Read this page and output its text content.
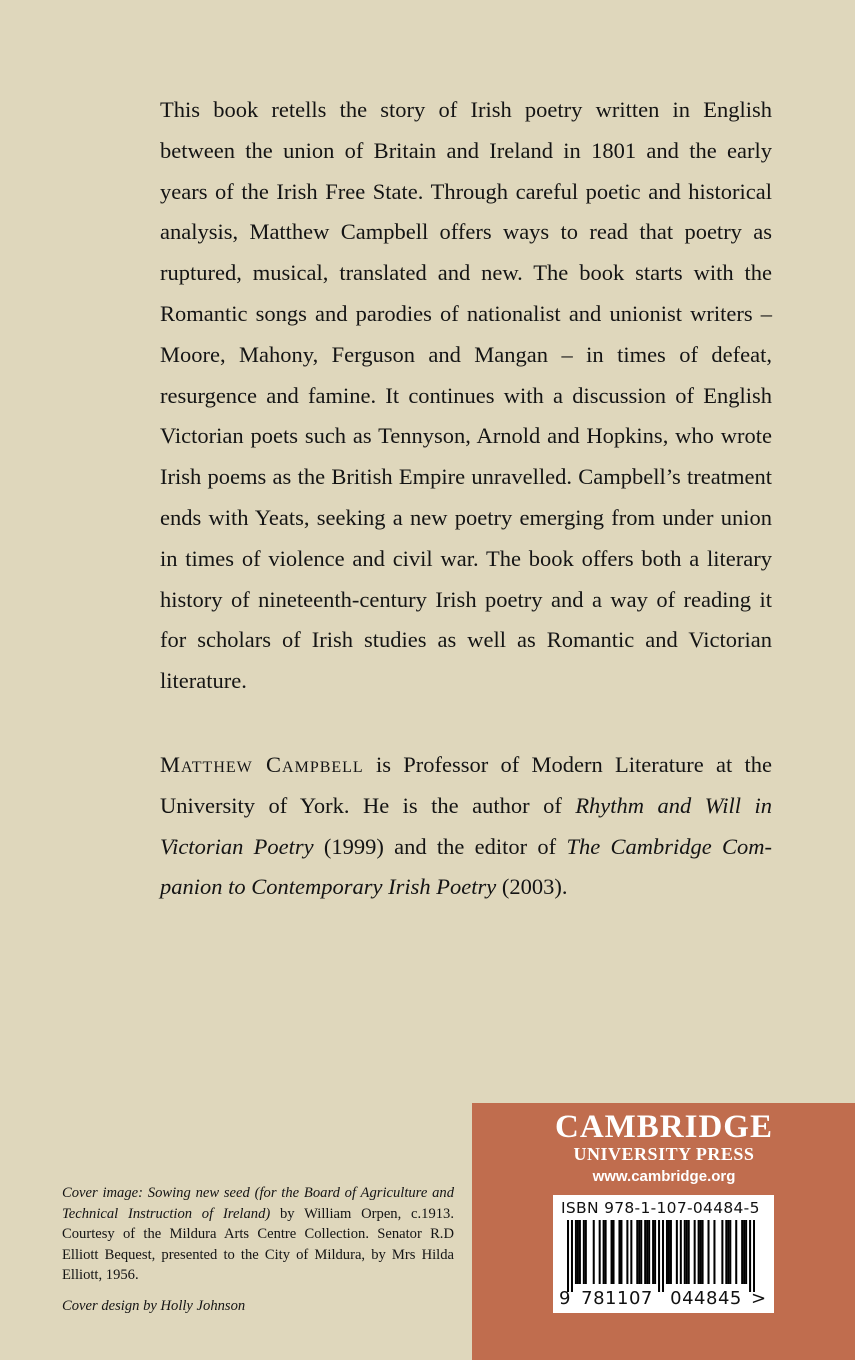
This book retells the story of Irish poetry written in English between the union of Britain and Ireland in 1801 and the early years of the Irish Free State. Through careful poetic and historical analysis, Matthew Campbell offers ways to read that poetry as ruptured, musical, translated and new. The book starts with the Romantic songs and parodies of nationalist and unionist writers – Moore, Mahony, Ferguson and Mangan – in times of defeat, resurgence and famine. It continues with a discussion of English Victorian poets such as Tennyson, Arnold and Hopkins, who wrote Irish poems as the British Empire unravelled. Campbell’s treatment ends with Yeats, seeking a new poetry emerging from under union in times of violence and civil war. The book offers both a literary history of nineteenth-century Irish poetry and a way of reading it for scholars of Irish studies as well as Romantic and Victorian literature.

Matthew Campbell is Professor of Modern Literature at the University of York. He is the author of Rhythm and Will in Victorian Poetry (1999) and the editor of The Cambridge Companion to Contemporary Irish Poetry (2003).

Cover image: Sowing new seed (for the Board of Agriculture and Technical Instruction of Ireland) by William Orpen, c.1913. Courtesy of the Mildura Arts Centre Collection. Senator R.D Elliott Bequest, presented to the City of Mildura, by Mrs Hilda Elliott, 1956.

Cover design by Holly Johnson

CAMBRIDGE
UNIVERSITY PRESS
www.cambridge.org
ISBN 978-1-107-04484-5
9 781107 044845 >
